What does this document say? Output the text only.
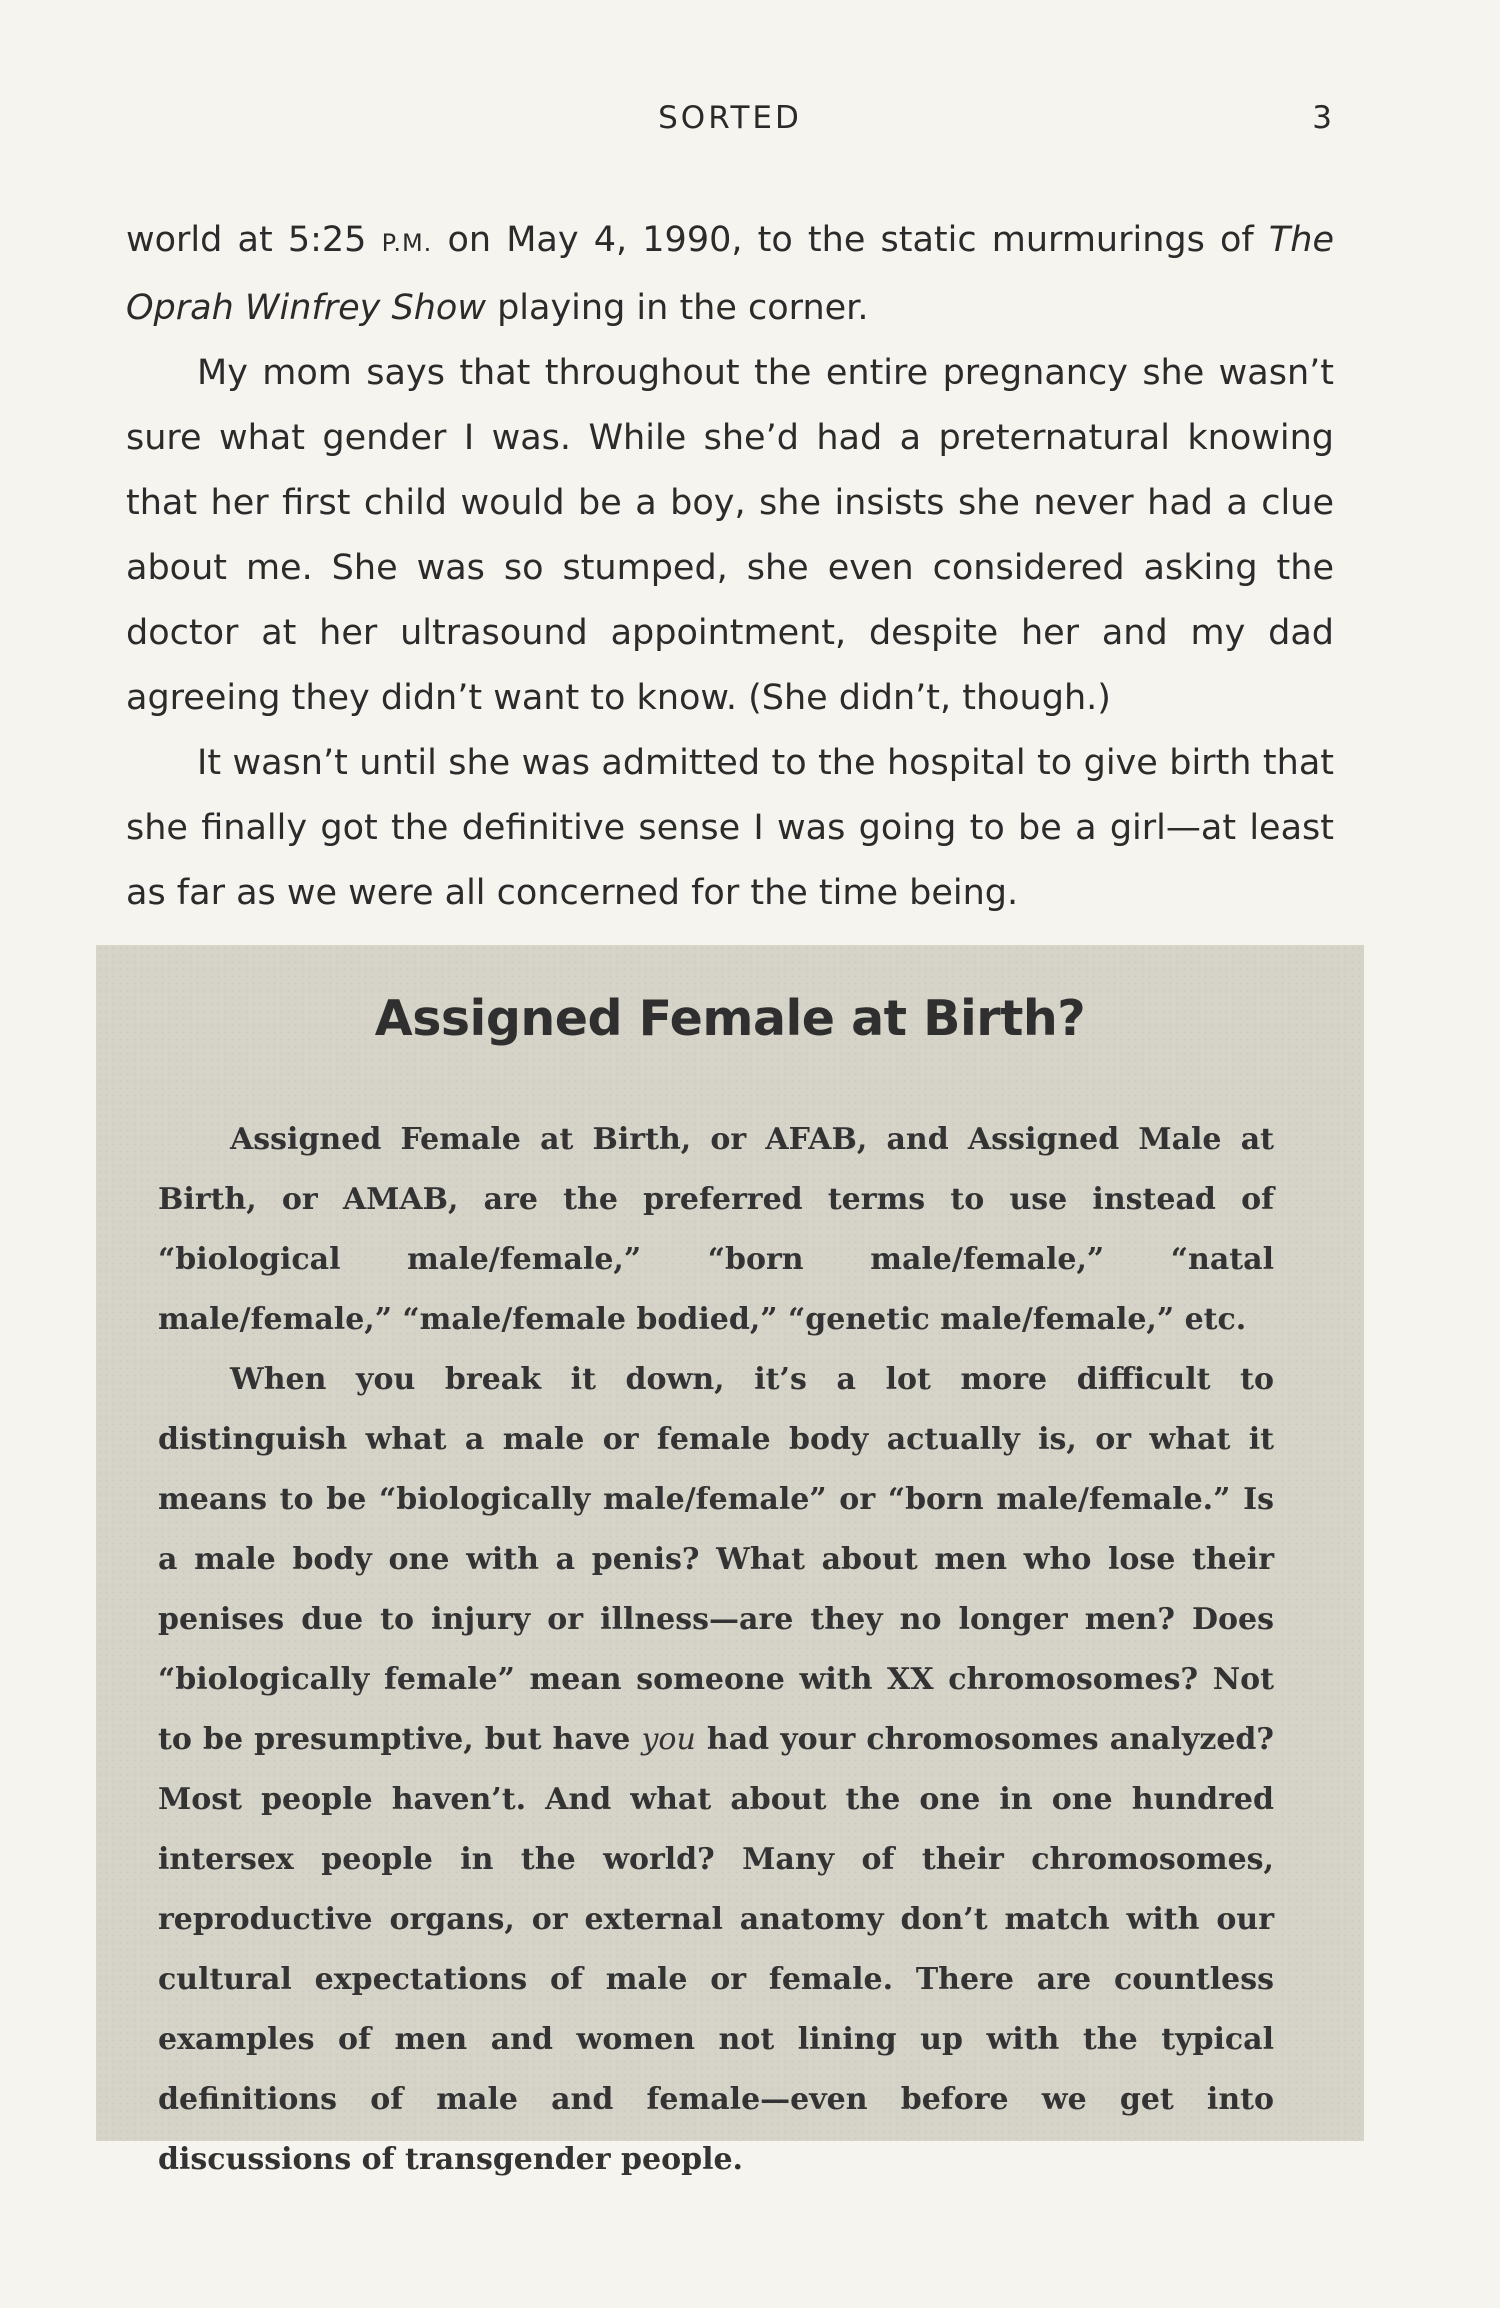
SORTED	3

world at 5:25 P.M. on May 4, 1990, to the static murmurings of The Oprah Winfrey Show playing in the corner.

My mom says that throughout the entire pregnancy she wasn’t sure what gender I was. While she’d had a preternatural knowing that her first child would be a boy, she insists she never had a clue about me. She was so stumped, she even considered asking the doctor at her ultrasound appointment, despite her and my dad agreeing they didn’t want to know. (She didn’t, though.)

It wasn’t until she was admitted to the hospital to give birth that she finally got the definitive sense I was going to be a girl—at least as far as we were all concerned for the time being.

Assigned Female at Birth?

Assigned Female at Birth, or AFAB, and Assigned Male at Birth, or AMAB, are the preferred terms to use instead of “biological male/female,” “born male/female,” “natal male/female,” “male/female bodied,” “genetic male/female,” etc.

When you break it down, it’s a lot more difficult to distinguish what a male or female body actually is, or what it means to be “biologically male/female” or “born male/female.” Is a male body one with a penis? What about men who lose their penises due to injury or illness—are they no longer men? Does “biologically female” mean someone with XX chromosomes? Not to be presumptive, but have you had your chromosomes analyzed? Most people haven’t. And what about the one in one hundred intersex people in the world? Many of their chromosomes, reproductive organs, or external anatomy don’t match with our cultural expectations of male or female. There are countless examples of men and women not lining up with the typical definitions of male and female—even before we get into discussions of transgender people.
